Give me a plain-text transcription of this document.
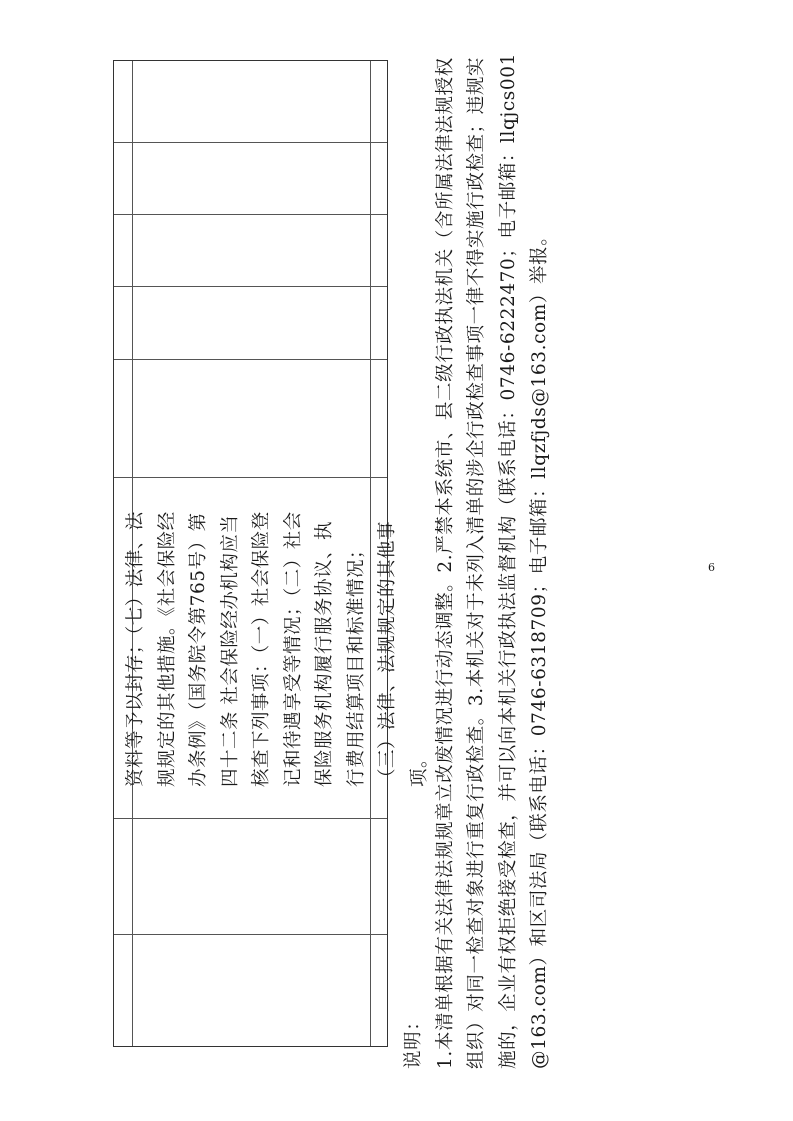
资料等予以封存；（七）法律、法规规定的其他措施。《社会保险经办条例》（国务院令第765号）第四十二条 社会保险经办机构应当核查下列事项：（一）社会保险登记和待遇享受等情况；（二）社会保险服务机构履行服务协议、执行费用结算项目和标准情况；（三）法律、法规规定的其他事项。
说明： 1.本清单根据有关法律法规规章立改废情况进行动态调整。2.严禁本系统市、县二级行政执法机关（含所属法律法规授权组织）对同一检查对象进行重复行政检查。3.本机关对于未列入清单的涉企行政检查事项一律不得实施行政检查；违规实施的，企业有权拒绝接受检查，并可以向本机关行政执法监督机构（联系电话：0746-6222470；电子邮箱：llqjcs001@163.com）和区司法局（联系电话：0746-6318709；电子邮箱：llqzfjds@163.com）举报。	6
